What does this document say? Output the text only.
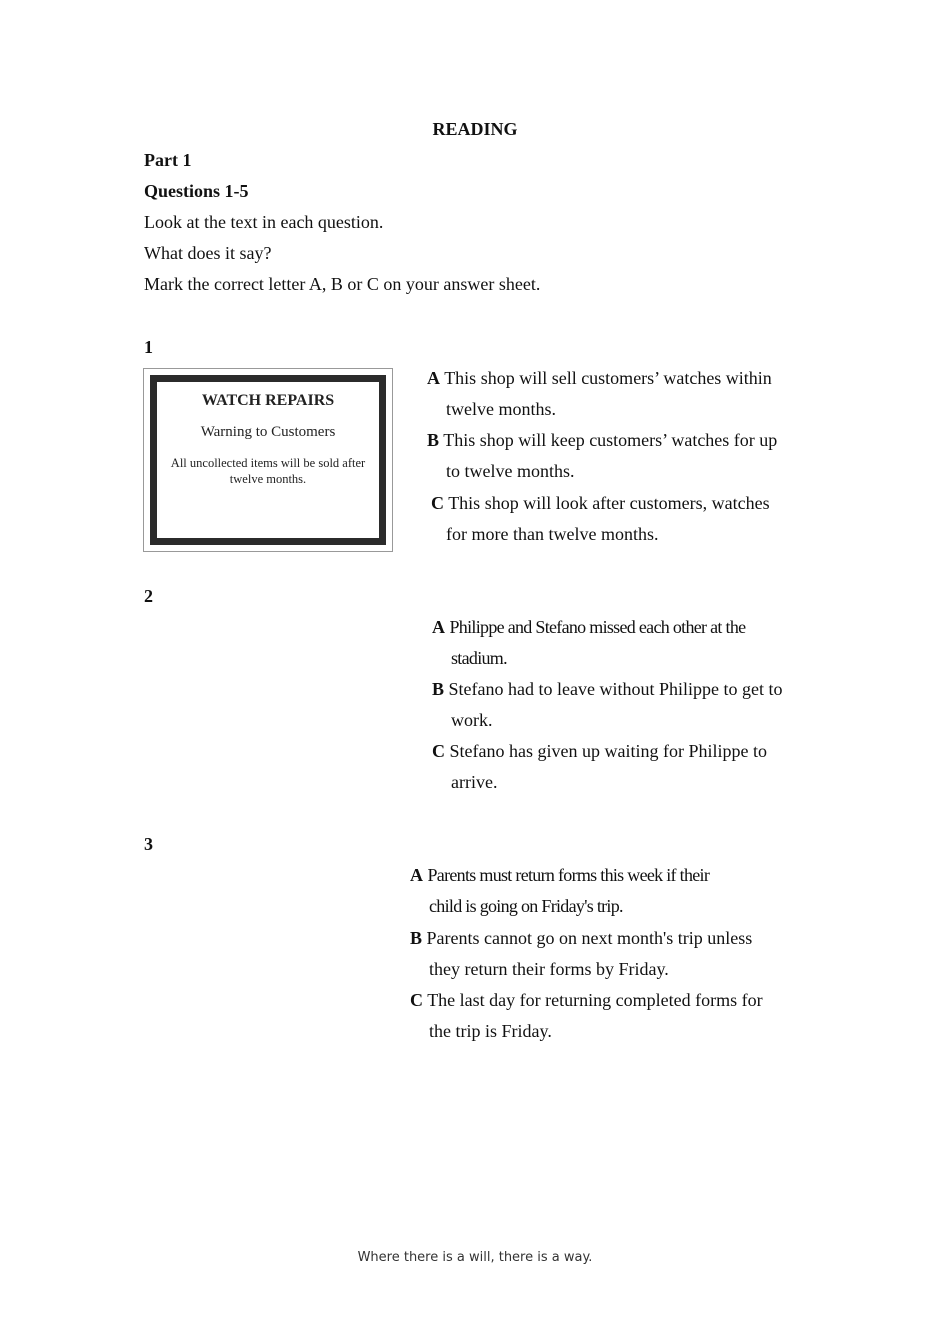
READING
Part 1
Questions 1-5
Look at the text in each question.
What does it say?
Mark the correct letter A, B or C on your answer sheet.
1
WATCH REPAIRS
Warning to Customers
All uncollected items will be sold after twelve months.
A This shop will sell customers’ watches within
twelve months.
B This shop will keep customers’ watches for up
to twelve months.
C This shop will look after customers, watches
for more than twelve months.
2
A Philippe and Stefano missed each other at the
stadium.
B Stefano had to leave without Philippe to get to
work.
C Stefano has given up waiting for Philippe to
arrive.
3
A Parents must return forms this week if their
child is going on Friday's trip.
B Parents cannot go on next month's trip unless
they return their forms by Friday.
C The last day for returning completed forms for
the trip is Friday.
Where there is a will, there is a way.
